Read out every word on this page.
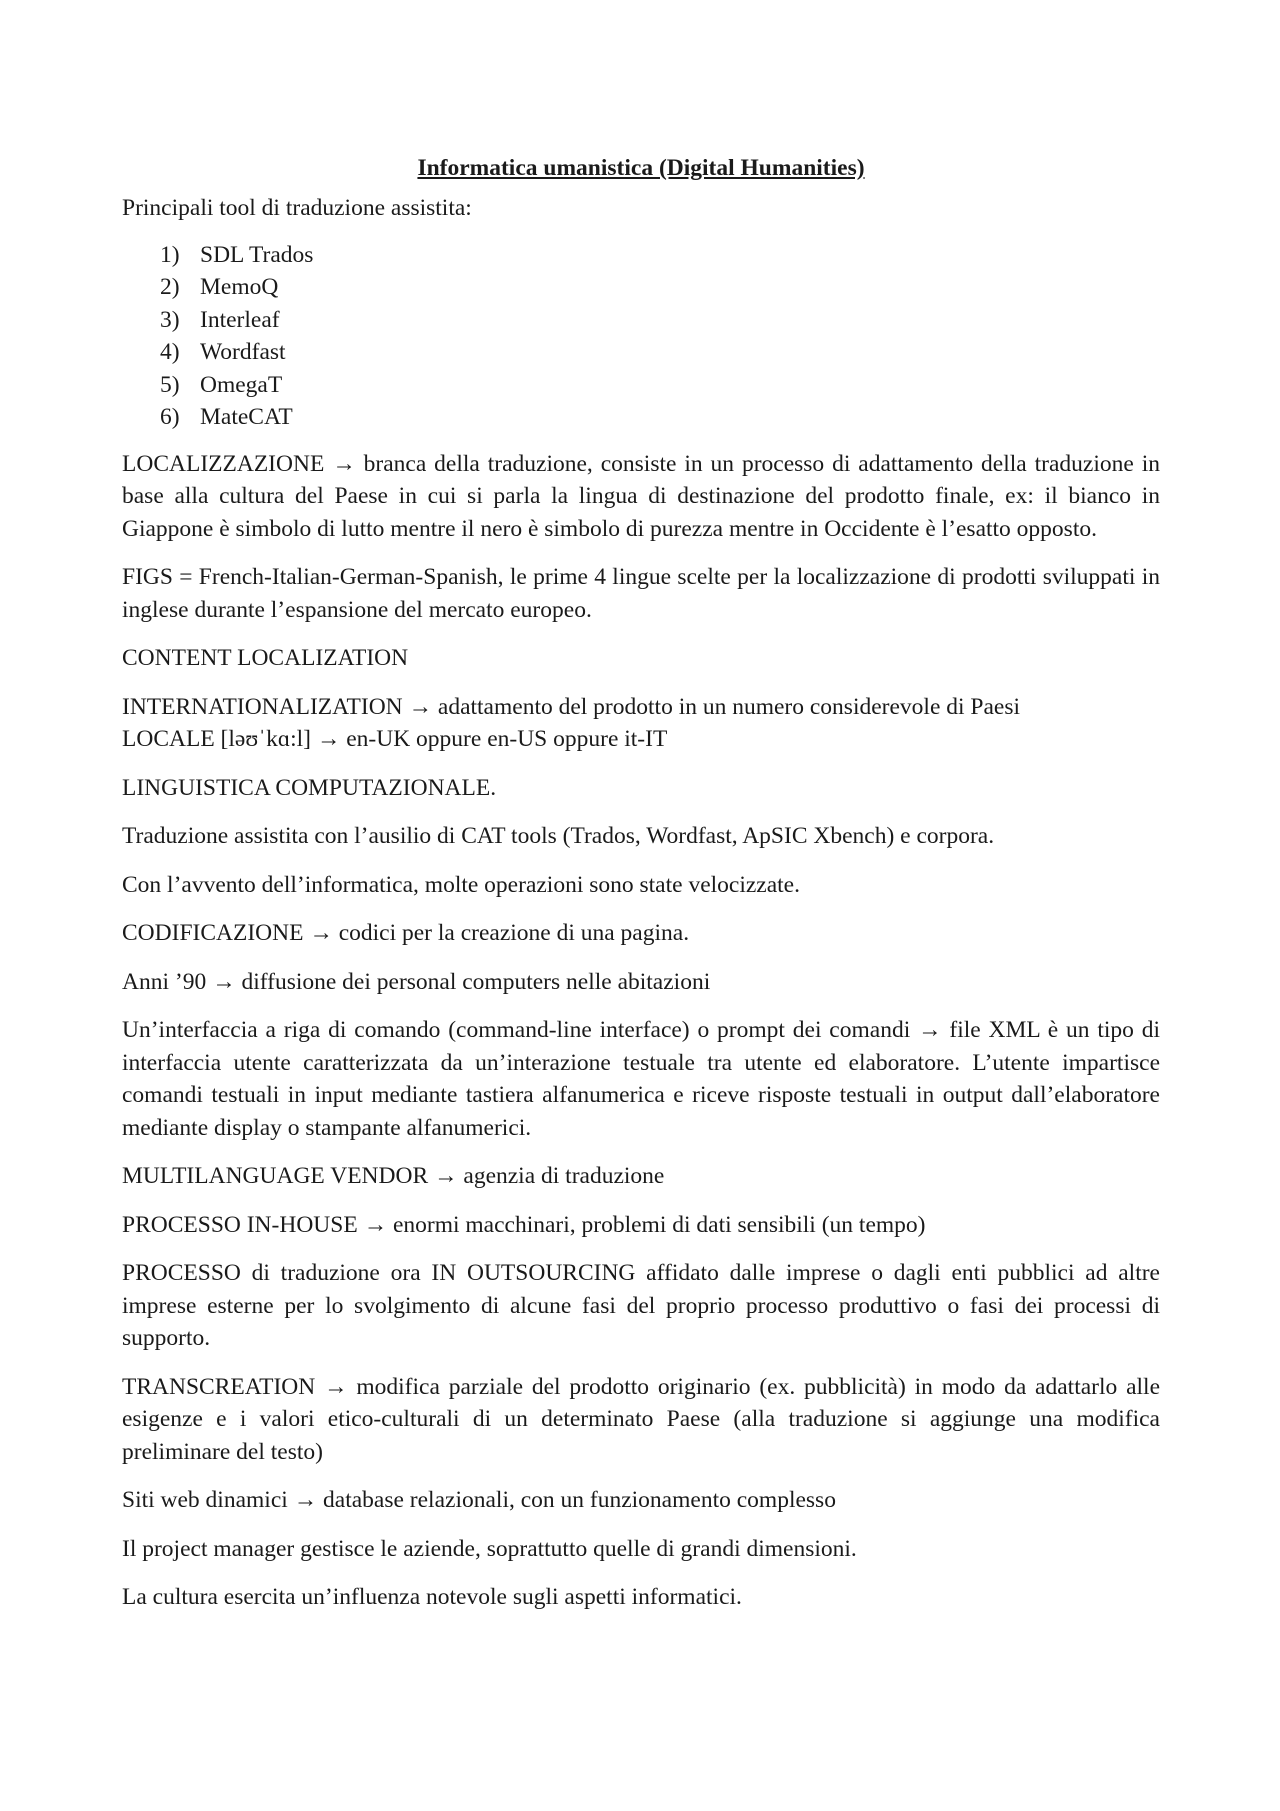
Informatica umanistica (Digital Humanities)
Principali tool di traduzione assistita:
1) SDL Trados
2) MemoQ
3) Interleaf
4) Wordfast
5) OmegaT
6) MateCAT
LOCALIZZAZIONE → branca della traduzione, consiste in un processo di adattamento della traduzione in base alla cultura del Paese in cui si parla la lingua di destinazione del prodotto finale, ex: il bianco in Giappone è simbolo di lutto mentre il nero è simbolo di purezza mentre in Occidente è l’esatto opposto.
FIGS = French-Italian-German-Spanish, le prime 4 lingue scelte per la localizzazione di prodotti sviluppati in inglese durante l’espansione del mercato europeo.
CONTENT LOCALIZATION
INTERNATIONALIZATION → adattamento del prodotto in un numero considerevole di Paesi
LOCALE [ləʊˈkɑ:l] → en-UK oppure en-US oppure it-IT
LINGUISTICA COMPUTAZIONALE.
Traduzione assistita con l’ausilio di CAT tools (Trados, Wordfast, ApSIC Xbench) e corpora.
Con l’avvento dell’informatica, molte operazioni sono state velocizzate.
CODIFICAZIONE → codici per la creazione di una pagina.
Anni ’90 → diffusione dei personal computers nelle abitazioni
Un’interfaccia a riga di comando (command-line interface) o prompt dei comandi → file XML è un tipo di interfaccia utente caratterizzata da un’interazione testuale tra utente ed elaboratore. L’utente impartisce comandi testuali in input mediante tastiera alfanumerica e riceve risposte testuali in output dall’elaboratore mediante display o stampante alfanumerici.
MULTILANGUAGE VENDOR → agenzia di traduzione
PROCESSO IN-HOUSE → enormi macchinari, problemi di dati sensibili (un tempo)
PROCESSO di traduzione ora IN OUTSOURCING affidato dalle imprese o dagli enti pubblici ad altre imprese esterne per lo svolgimento di alcune fasi del proprio processo produttivo o fasi dei processi di supporto.
TRANSCREATION → modifica parziale del prodotto originario (ex. pubblicità) in modo da adattarlo alle esigenze e i valori etico-culturali di un determinato Paese (alla traduzione si aggiunge una modifica preliminare del testo)
Siti web dinamici → database relazionali, con un funzionamento complesso
Il project manager gestisce le aziende, soprattutto quelle di grandi dimensioni.
La cultura esercita un’influenza notevole sugli aspetti informatici.
